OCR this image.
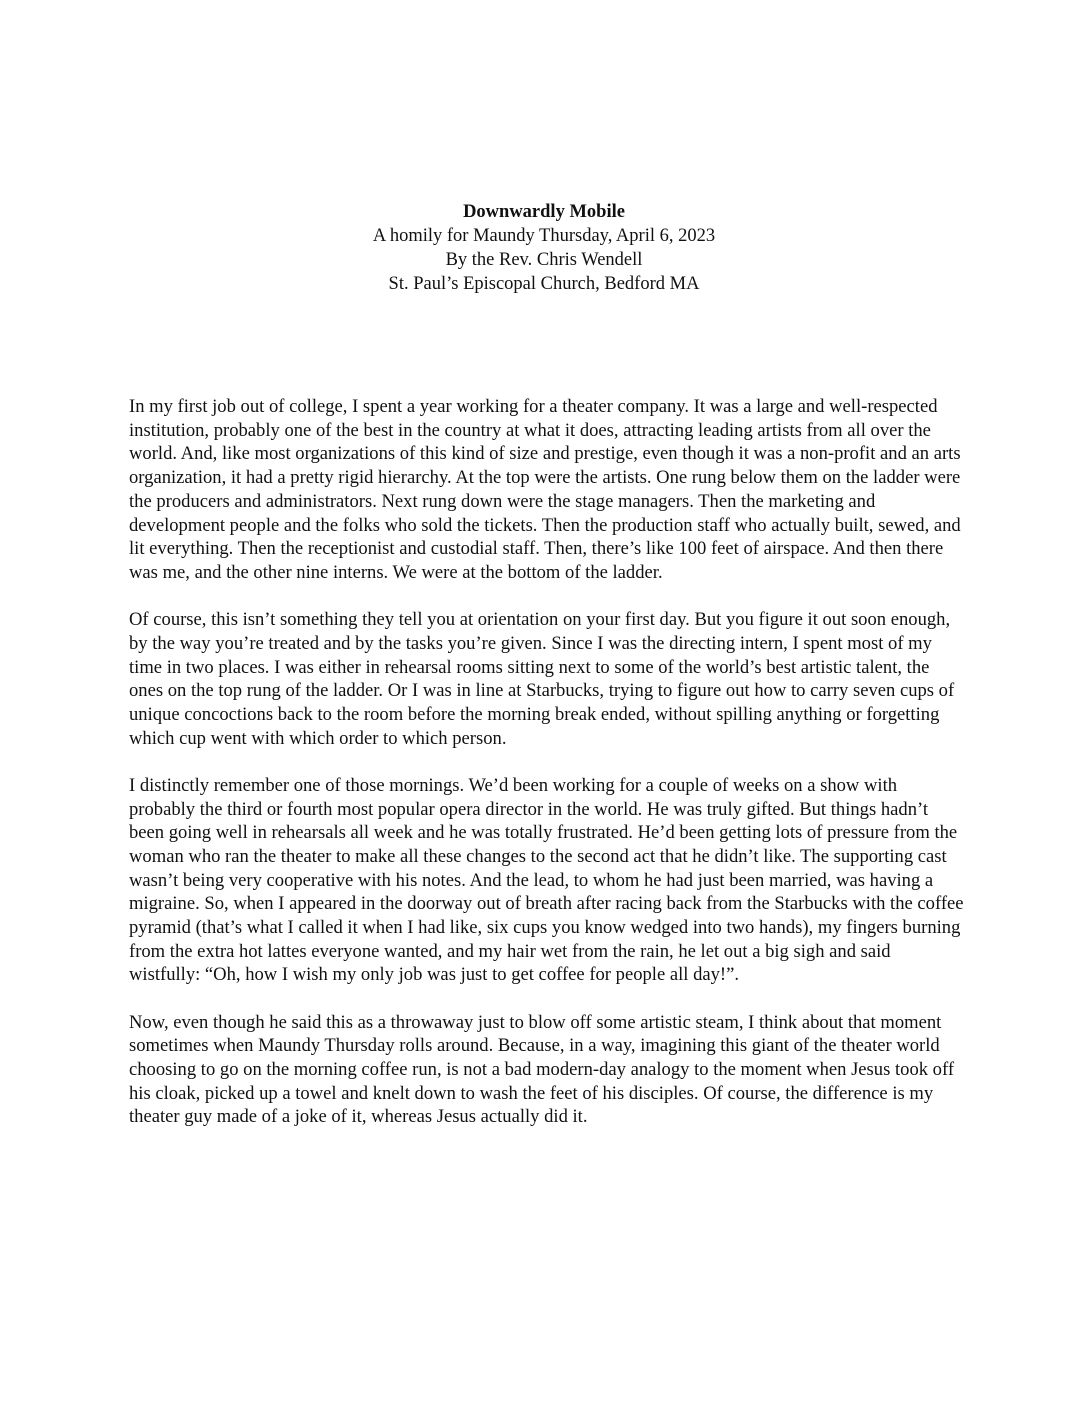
Downwardly Mobile
A homily for Maundy Thursday, April 6, 2023
By the Rev. Chris Wendell
St. Paul’s Episcopal Church, Bedford MA

In my first job out of college, I spent a year working for a theater company. It was a large and well-respected institution, probably one of the best in the country at what it does, attracting leading artists from all over the world. And, like most organizations of this kind of size and prestige, even though it was a non-profit and an arts organization, it had a pretty rigid hierarchy. At the top were the artists. One rung below them on the ladder were the producers and administrators. Next rung down were the stage managers. Then the marketing and development people and the folks who sold the tickets. Then the production staff who actually built, sewed, and lit everything. Then the receptionist and custodial staff. Then, there’s like 100 feet of airspace. And then there was me, and the other nine interns. We were at the bottom of the ladder.

Of course, this isn’t something they tell you at orientation on your first day. But you figure it out soon enough, by the way you’re treated and by the tasks you’re given. Since I was the directing intern, I spent most of my time in two places. I was either in rehearsal rooms sitting next to some of the world’s best artistic talent, the ones on the top rung of the ladder. Or I was in line at Starbucks, trying to figure out how to carry seven cups of unique concoctions back to the room before the morning break ended, without spilling anything or forgetting which cup went with which order to which person.

I distinctly remember one of those mornings. We’d been working for a couple of weeks on a show with probably the third or fourth most popular opera director in the world. He was truly gifted. But things hadn’t been going well in rehearsals all week and he was totally frustrated. He’d been getting lots of pressure from the woman who ran the theater to make all these changes to the second act that he didn’t like. The supporting cast wasn’t being very cooperative with his notes. And the lead, to whom he had just been married, was having a migraine. So, when I appeared in the doorway out of breath after racing back from the Starbucks with the coffee pyramid (that’s what I called it when I had like, six cups you know wedged into two hands), my fingers burning from the extra hot lattes everyone wanted, and my hair wet from the rain, he let out a big sigh and said wistfully: “Oh, how I wish my only job was just to get coffee for people all day!”.

Now, even though he said this as a throwaway just to blow off some artistic steam, I think about that moment sometimes when Maundy Thursday rolls around. Because, in a way, imagining this giant of the theater world choosing to go on the morning coffee run, is not a bad modern-day analogy to the moment when Jesus took off his cloak, picked up a towel and knelt down to wash the feet of his disciples. Of course, the difference is my theater guy made of a joke of it, whereas Jesus actually did it.
